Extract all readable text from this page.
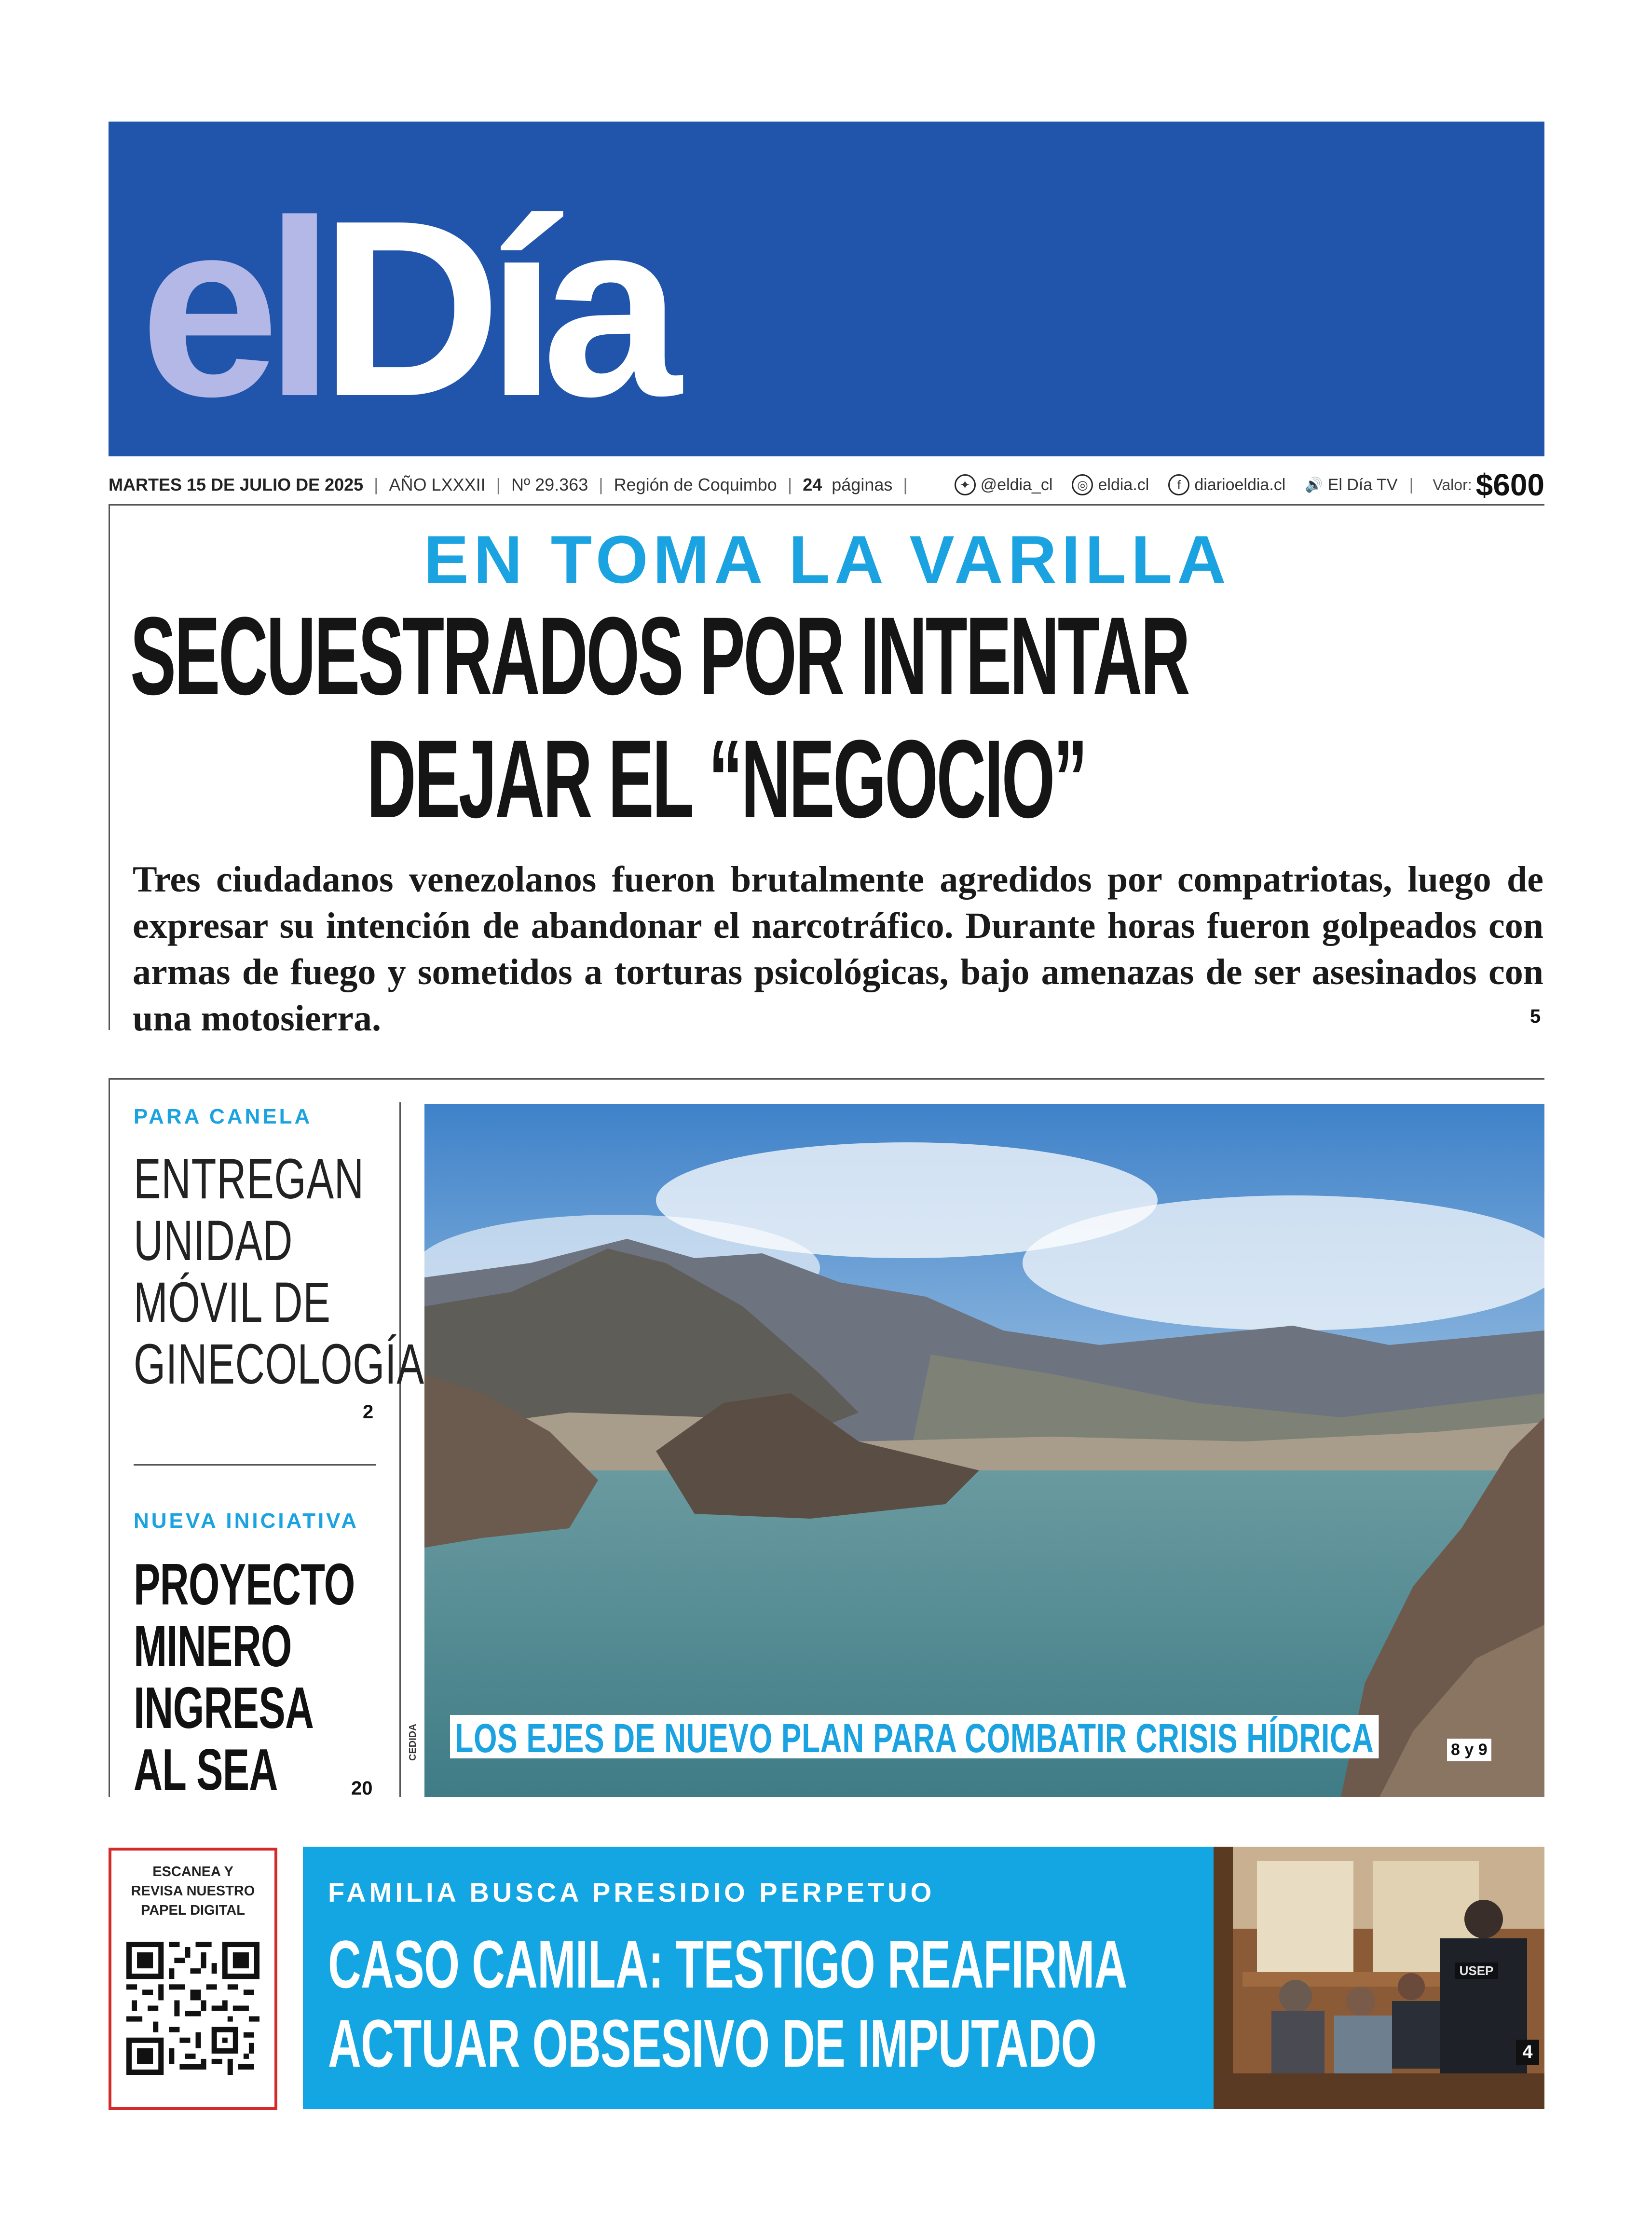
elDía
MARTES 15 DE JULIO DE 2025 | AÑO LXXXII | Nº 29.363 | Región de Coquimbo | 24
páginas |	✦ @eldia_cl	◎ eldia.cl	f diarioeldia.cl 🔊 El Día TV | Valor: $600
EN TOMA LA VARILLA
SECUESTRADOS POR INTENTAR
DEJAR EL “NEGOCIO”
Tres ciudadanos venezolanos fueron brutalmente agredidos por compatriotas, luego de expresar su intención de abandonar el narcotráfico. Durante horas fueron golpeados con armas de fuego y sometidos a torturas psicológicas, bajo amenazas de ser asesinados con una motosierra.	5
PARA CANELA
ENTREGAN
UNIDAD
MÓVIL DE
GINECOLOGÍA
2
NUEVA INICIATIVA
PROYECTO
MINERO
INGRESA
AL SEA	20
CEDIDA LOS EJES DE NUEVO PLAN PARA COMBATIR CRISIS HÍDRICA	8 y 9
ESCANEA Y
REVISA NUESTRO
PAPEL DIGITAL
FAMILIA BUSCA PRESIDIO PERPETUO
CASO CAMILA: TESTIGO REAFIRMA
ACTUAR OBSESIVO DE IMPUTADO
USEP
4
